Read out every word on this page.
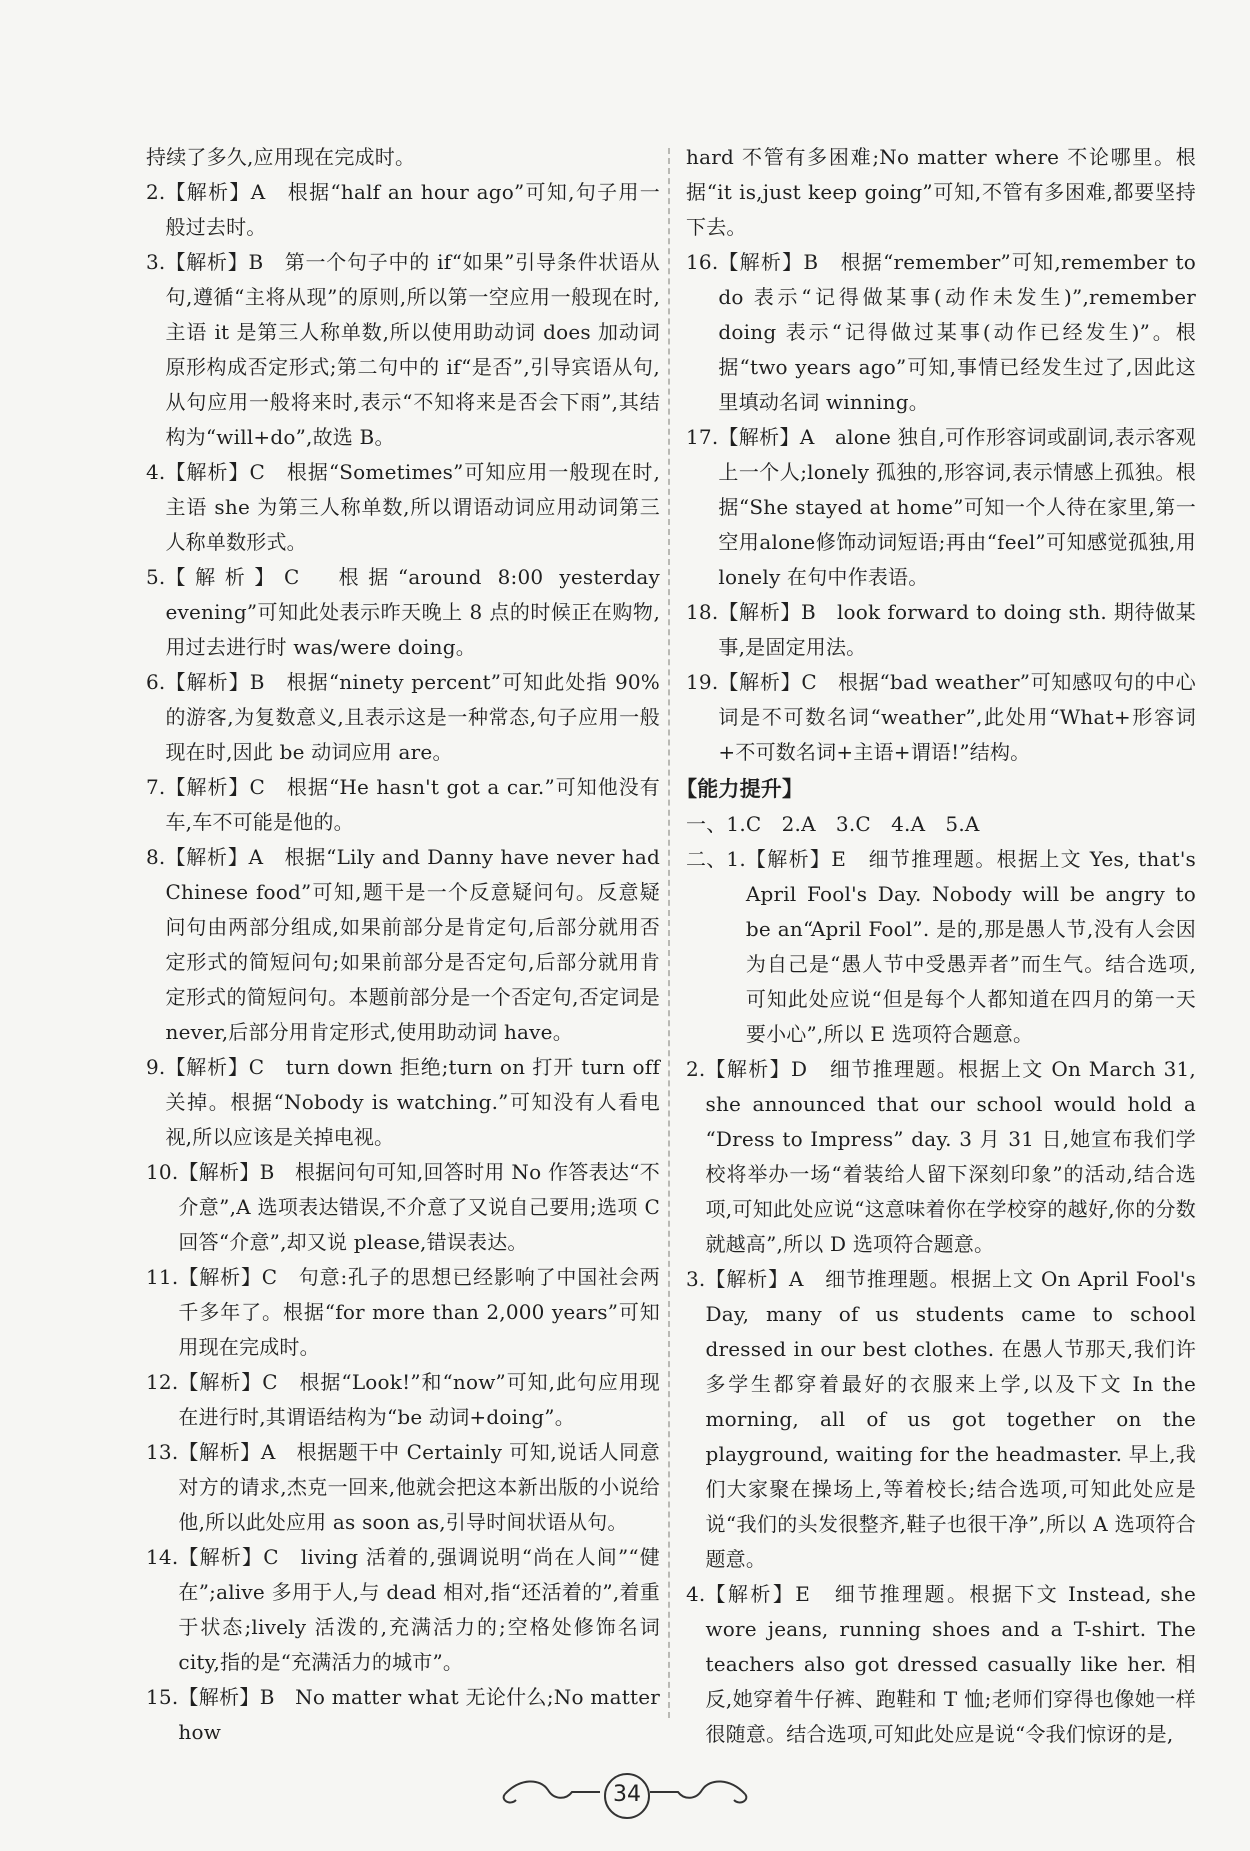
持续了多久,应用现在完成时。

2. 【解析】A　根据“half an hour ago”可知,句子用一般过去时。
3. 【解析】B　第一个句子中的 if“如果”引导条件状语从句,遵循“主将从现”的原则,所以第一空应用一般现在时,主语 it 是第三人称单数,所以使用助动词 does 加动词原形构成否定形式;第二句中的 if“是否”,引导宾语从句,从句应用一般将来时,表示“不知将来是否会下雨”,其结构为“will+do”,故选 B。
4. 【解析】C　根据“Sometimes”可知应用一般现在时,主语 she 为第三人称单数,所以谓语动词应用动词第三人称单数形式。
5. 【解析】C　根据“around 8:00 yesterday evening”可知此处表示昨天晚上 8 点的时候正在购物,用过去进行时 was/were doing。
6. 【解析】B　根据“ninety percent”可知此处指 90%的游客,为复数意义,且表示这是一种常态,句子应用一般现在时,因此 be 动词应用 are。
7. 【解析】C　根据“He hasn't got a car.”可知他没有车,车不可能是他的。
8. 【解析】A　根据“Lily and Danny have never had Chinese food”可知,题干是一个反意疑问句。反意疑问句由两部分组成,如果前部分是肯定句,后部分就用否定形式的简短问句;如果前部分是否定句,后部分就用肯定形式的简短问句。本题前部分是一个否定句,否定词是 never,后部分用肯定形式,使用助动词 have。
9. 【解析】C　turn down 拒绝;turn on 打开 turn off 关掉。根据“Nobody is watching.”可知没有人看电视,所以应该是关掉电视。
10. 【解析】B　根据问句可知,回答时用 No 作答表达“不介意”,A 选项表达错误,不介意了又说自己要用;选项 C 回答“介意”,却又说 please,错误表达。
11. 【解析】C　句意:孔子的思想已经影响了中国社会两千多年了。根据“for more than 2,000 years”可知用现在完成时。
12. 【解析】C　根据“Look!”和“now”可知,此句应用现在进行时,其谓语结构为“be 动词+doing”。
13. 【解析】A　根据题干中 Certainly 可知,说话人同意对方的请求,杰克一回来,他就会把这本新出版的小说给他,所以此处应用 as soon as,引导时间状语从句。
14. 【解析】C　living 活着的,强调说明“尚在人间”“健在”;alive 多用于人,与 dead 相对,指“还活着的”,着重于状态;lively 活泼的,充满活力的;空格处修饰名词 city,指的是“充满活力的城市”。
15. 【解析】B　No matter what 无论什么;No matter how

hard 不管有多困难;No matter where 不论哪里。根据“it is,just keep going”可知,不管有多困难,都要坚持下去。

16. 【解析】B　根据“remember”可知,remember to do 表示“记得做某事(动作未发生)”,remember doing 表示“记得做过某事(动作已经发生)”。根据“two years ago”可知,事情已经发生过了,因此这里填动名词 winning。
17. 【解析】A　alone 独自,可作形容词或副词,表示客观上一个人;lonely 孤独的,形容词,表示情感上孤独。根据“She stayed at home”可知一个人待在家里,第一空用alone修饰动词短语;再由“feel”可知感觉孤独,用 lonely 在句中作表语。
18. 【解析】B　look forward to doing sth. 期待做某事,是固定用法。
19. 【解析】C　根据“bad weather”可知感叹句的中心词是不可数名词“weather”,此处用“What+形容词+不可数名词+主语+谓语!”结构。
【能力提升】

一、1.C　2.A　3.C　4.A　5.A

二、1. 【解析】E　细节推理题。根据上文 Yes, that's April Fool's Day. Nobody will be angry to be an“April Fool”. 是的,那是愚人节,没有人会因为自己是“愚人节中受愚弄者”而生气。结合选项,可知此处应说“但是每个人都知道在四月的第一天要小心”,所以 E 选项符合题意。
2. 【解析】D　细节推理题。根据上文 On March 31, she announced that our school would hold a “Dress to Impress” day. 3 月 31 日,她宣布我们学校将举办一场“着装给人留下深刻印象”的活动,结合选项,可知此处应说“这意味着你在学校穿的越好,你的分数就越高”,所以 D 选项符合题意。
3. 【解析】A　细节推理题。根据上文 On April Fool's Day, many of us students came to school dressed in our best clothes. 在愚人节那天,我们许多学生都穿着最好的衣服来上学,以及下文 In the morning, all of us got together on the playground, waiting for the headmaster. 早上,我们大家聚在操场上,等着校长;结合选项,可知此处应是说“我们的头发很整齐,鞋子也很干净”,所以 A 选项符合题意。
4. 【解析】E　细节推理题。根据下文 Instead, she wore jeans, running shoes and a T-shirt. The teachers also got dressed casually like her. 相反,她穿着牛仔裤、跑鞋和 T 恤;老师们穿得也像她一样很随意。结合选项,可知此处应是说“令我们惊讶的是,
34
